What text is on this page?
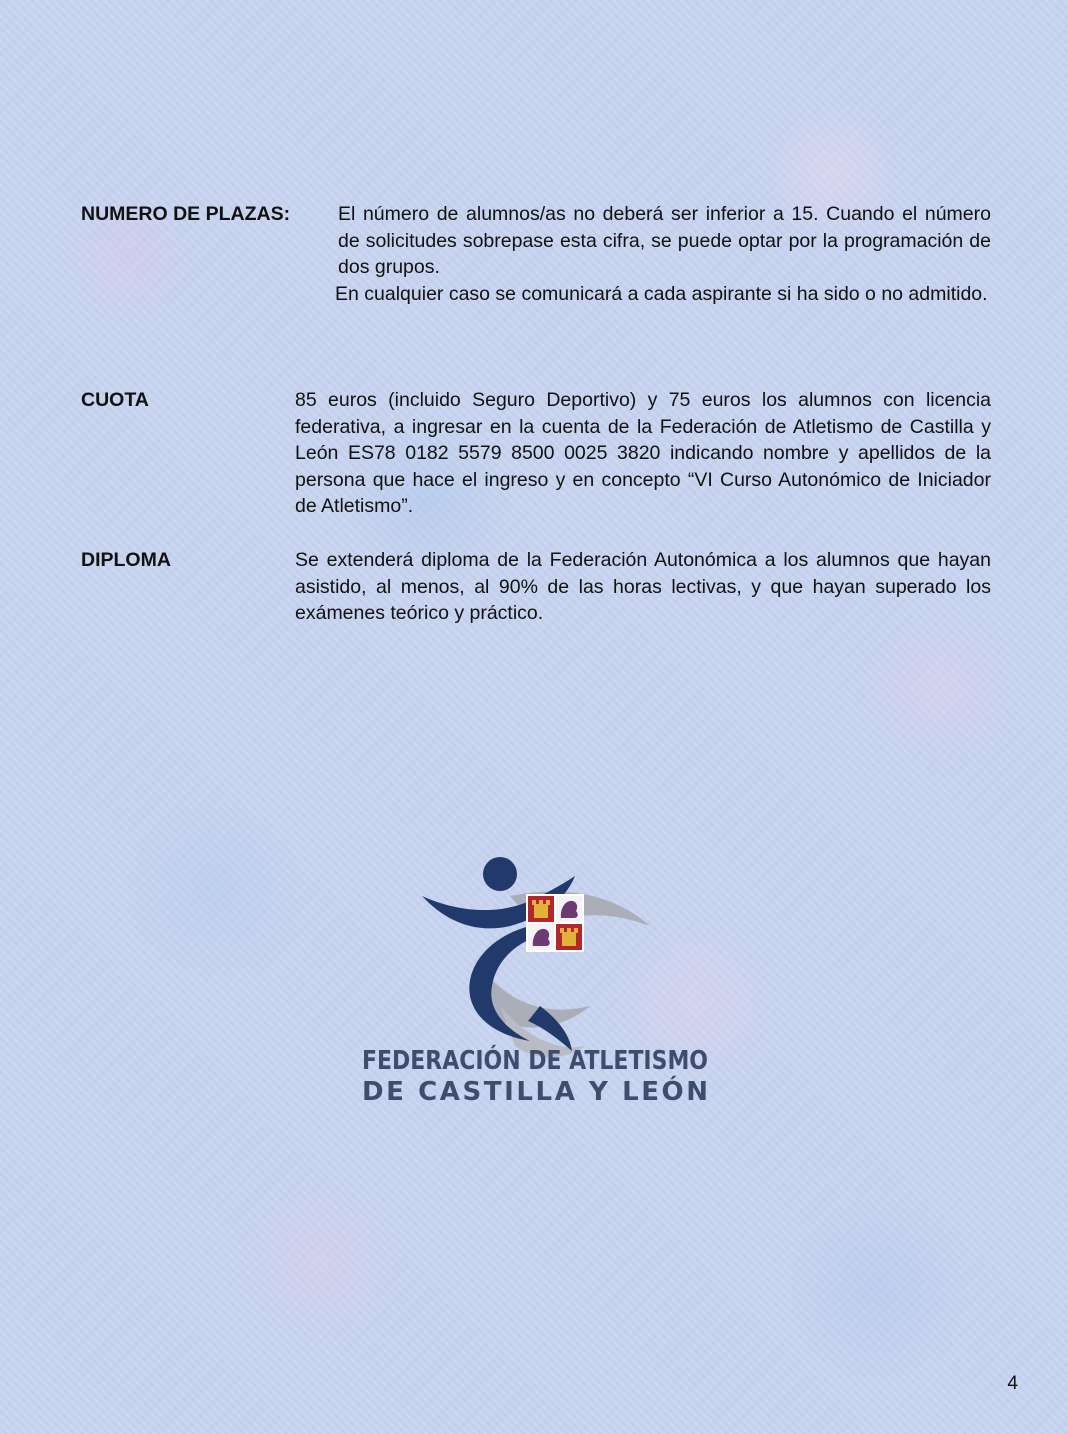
NUMERO DE PLAZAS: El número de alumnos/as no deberá ser inferior a 15. Cuando el número de solicitudes sobrepase esta cifra, se puede optar por la programación de dos grupos.

En cualquier caso se comunicará a cada aspirante si ha sido o no admitido.

CUOTA	85 euros (incluido Seguro Deportivo) y 75 euros los alumnos con licencia federativa, a ingresar en la cuenta de la Federación de Atletismo de Castilla y León ES78 0182 5579 8500 0025 3820 indicando nombre y apellidos de la persona que hace el ingreso y en concepto “VI Curso Autonómico de Iniciador de Atletismo”.

DIPLOMA	Se extenderá diploma de la Federación Autonómica a los alumnos que hayan asistido, al menos, al 90% de las horas lectivas, y que hayan superado los exámenes teórico y práctico.

FEDERACIÓN DE ATLETISMO
DE CASTILLA Y LEÓN
4
